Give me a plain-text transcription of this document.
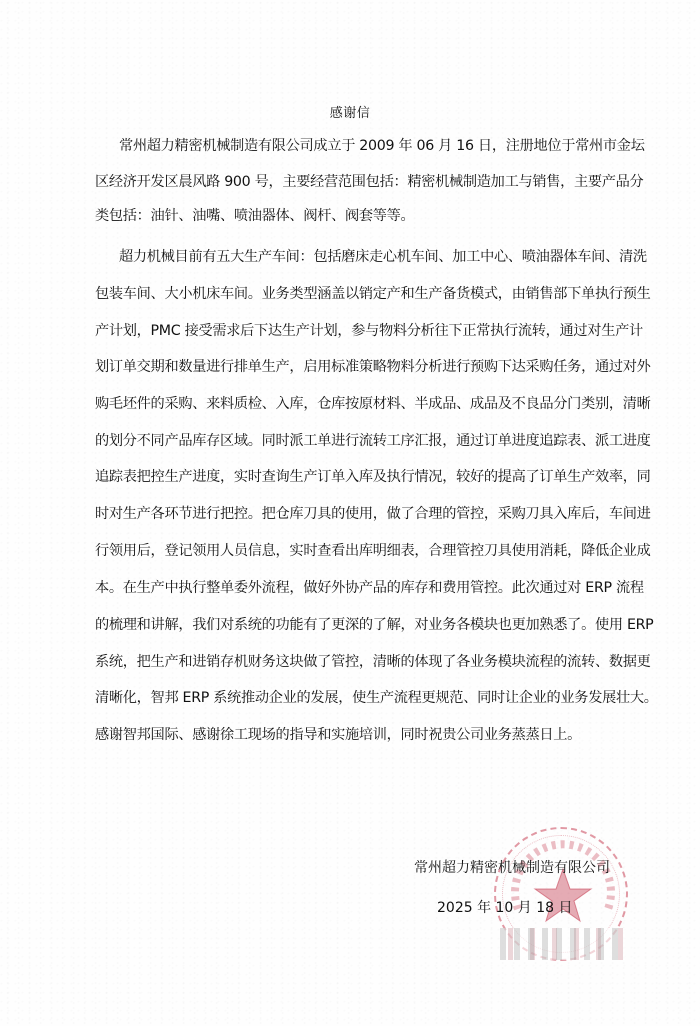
感谢信
常州超力精密机械制造有限公司成立于 2009 年 06 月 16 日，注册地位于常州市金坛
区经济开发区晨风路 900 号，主要经营范围包括：精密机械制造加工与销售，主要产品分
类包括：油针、油嘴、喷油器体、阀杆、阀套等等。
超力机械目前有五大生产车间：包括磨床走心机车间、加工中心、喷油器体车间、清洗
包装车间、大小机床车间。业务类型涵盖以销定产和生产备货模式，由销售部下单执行预生
产计划，PMC 接受需求后下达生产计划，参与物料分析往下正常执行流转，通过对生产计
划订单交期和数量进行排单生产，启用标准策略物料分析进行预购下达采购任务，通过对外
购毛坯件的采购、来料质检、入库，仓库按原材料、半成品、成品及不良品分门类别，清晰
的划分不同产品库存区域。同时派工单进行流转工序汇报，通过订单进度追踪表、派工进度
追踪表把控生产进度，实时查询生产订单入库及执行情况，较好的提高了订单生产效率，同
时对生产各环节进行把控。把仓库刀具的使用，做了合理的管控，采购刀具入库后，车间进
行领用后，登记领用人员信息，实时查看出库明细表，合理管控刀具使用消耗，降低企业成
本。在生产中执行整单委外流程，做好外协产品的库存和费用管控。此次通过对 ERP 流程
的梳理和讲解，我们对系统的功能有了更深的了解，对业务各模块也更加熟悉了。使用 ERP
系统，把生产和进销存机财务这块做了管控，清晰的体现了各业务模块流程的流转、数据更
清晰化，智邦 ERP 系统推动企业的发展，使生产流程更规范、同时让企业的业务发展壮大。
感谢智邦国际、感谢徐工现场的指导和实施培训，同时祝贵公司业务蒸蒸日上。
常州超力精密机械制造有限公司
2025 年 10 月 18 日
